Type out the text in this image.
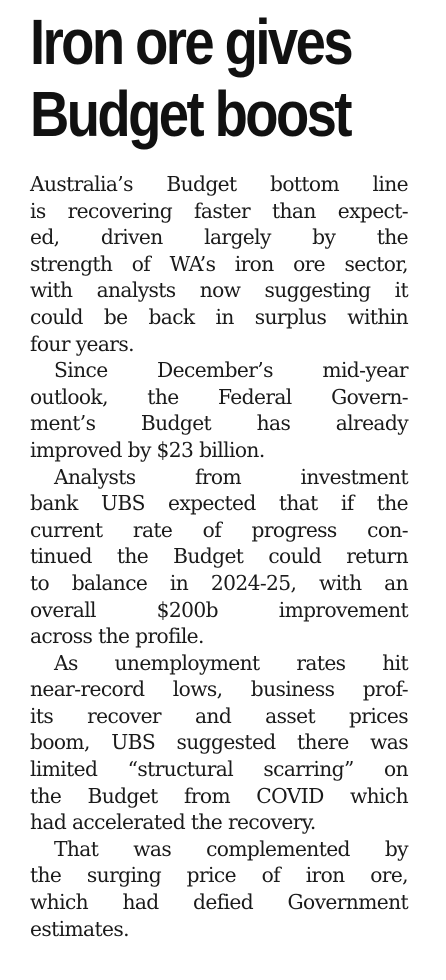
Iron ore gives
Budget boost

Australia’s Budget bottom line
is recovering faster than expect-
ed, driven largely by the
strength of WA’s iron ore sector,
with analysts now suggesting it
could be back in surplus within
four years.

Since December’s mid-year
outlook, the Federal Govern-
ment’s Budget has already
improved by $23 billion.

Analysts from investment
bank UBS expected that if the
current rate of progress con-
tinued the Budget could return
to balance in 2024-25, with an
overall $200b improvement
across the profile.

As unemployment rates hit
near-record lows, business prof-
its recover and asset prices
boom, UBS suggested there was
limited “structural scarring” on
the Budget from COVID which
had accelerated the recovery.

That was complemented by
the surging price of iron ore,
which had defied Government
estimates.
